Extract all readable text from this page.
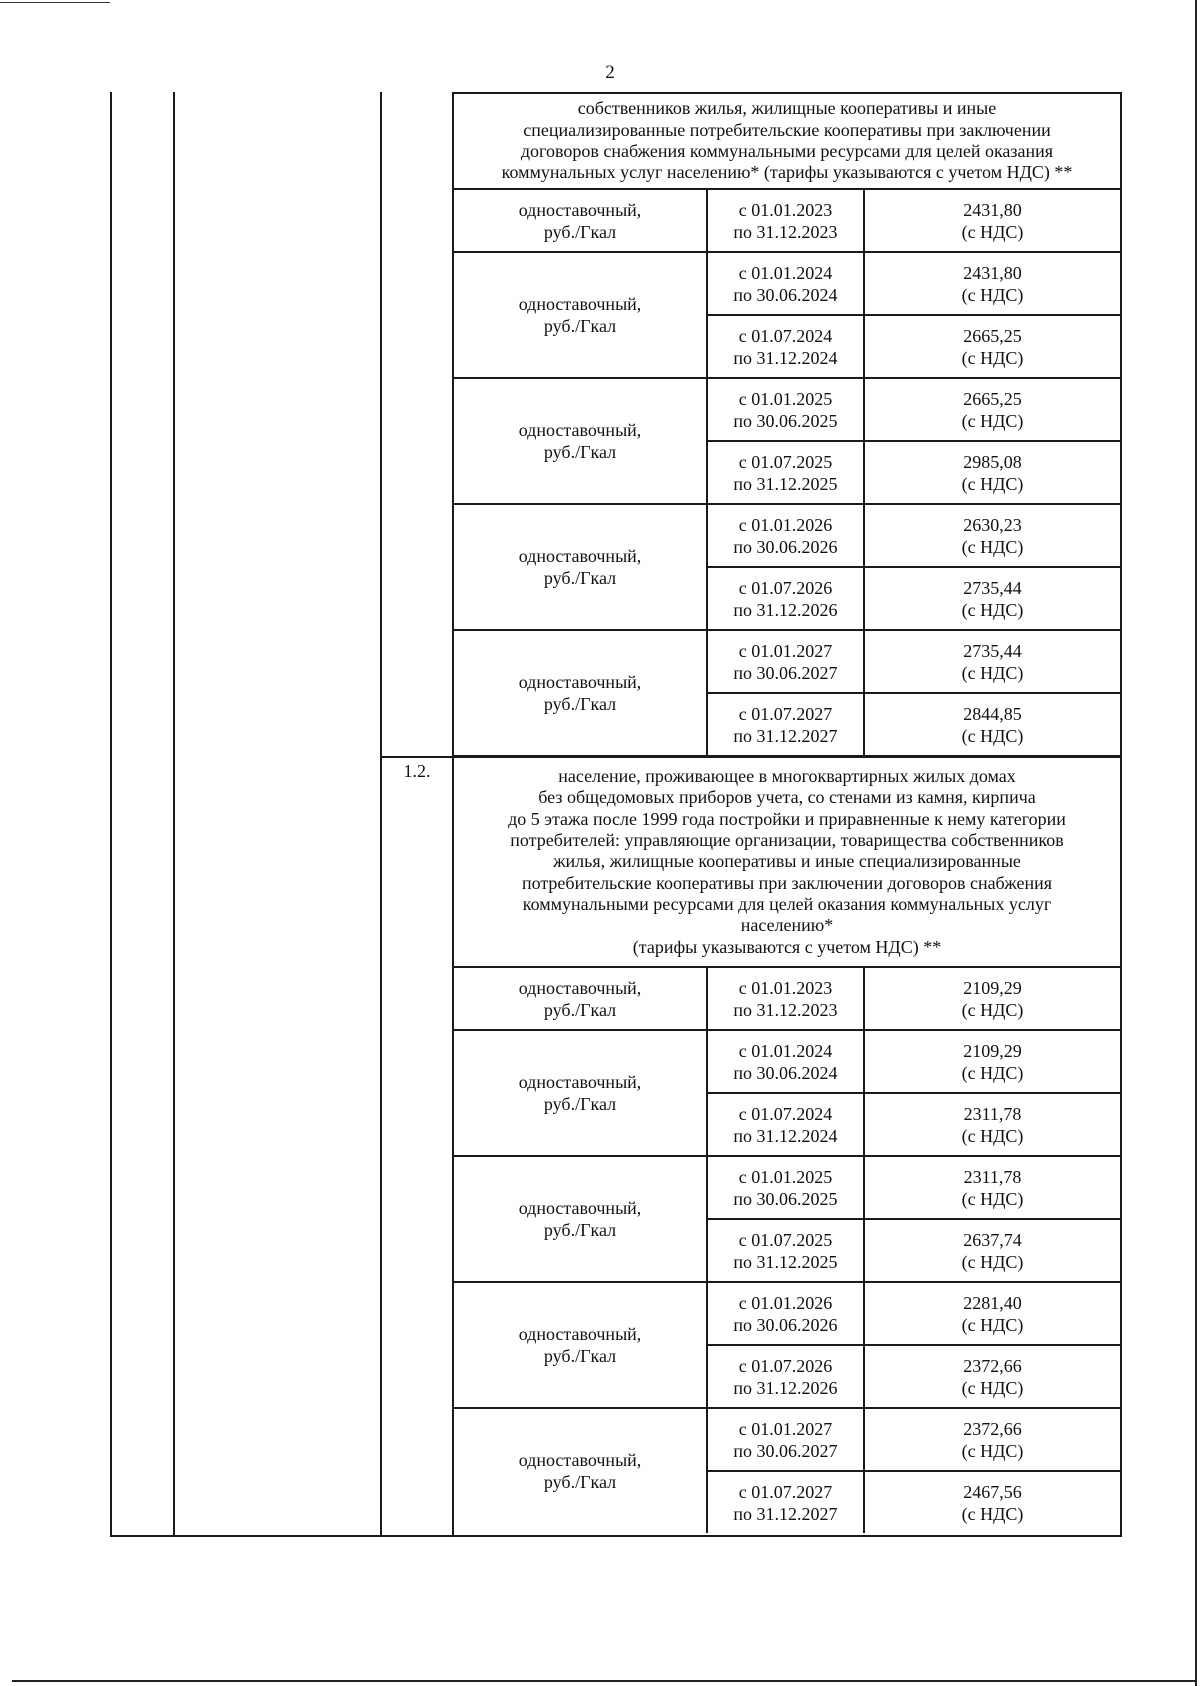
2
собственников жилья, жилищные кооперативы и иные
специализированные потребительские кооперативы при заключении
договоров снабжения коммунальными ресурсами для целей оказания
коммунальных услуг населению* (тарифы указываются с учетом НДС) **
одноставочный,
руб./Гкал
с 01.01.2023
по 31.12.2023
2431,80
(с НДС)
одноставочный,
руб./Гкал
с 01.01.2024
по 30.06.2024
2431,80
(с НДС)
с 01.07.2024
по 31.12.2024
2665,25
(с НДС)
одноставочный,
руб./Гкал
с 01.01.2025
по 30.06.2025
2665,25
(с НДС)
с 01.07.2025
по 31.12.2025
2985,08
(с НДС)
одноставочный,
руб./Гкал
с 01.01.2026
по 30.06.2026
2630,23
(с НДС)
с 01.07.2026
по 31.12.2026
2735,44
(с НДС)
одноставочный,
руб./Гкал
с 01.01.2027
по 30.06.2027
2735,44
(с НДС)
с 01.07.2027
по 31.12.2027
2844,85
(с НДС)
1.2.	население, проживающее в многоквартирных жилых домах
без общедомовых приборов учета, со стенами из камня, кирпича
до 5 этажа после 1999 года постройки и приравненные к нему категории
потребителей: управляющие организации, товарищества собственников
жилья, жилищные кооперативы и иные специализированные
потребительские кооперативы при заключении договоров снабжения
коммунальными ресурсами для целей оказания коммунальных услуг
населению*
(тарифы указываются с учетом НДС) **
одноставочный,
руб./Гкал
с 01.01.2023
по 31.12.2023
2109,29
(с НДС)
одноставочный,
руб./Гкал
с 01.01.2024
по 30.06.2024
2109,29
(с НДС)
с 01.07.2024
по 31.12.2024
2311,78
(с НДС)
одноставочный,
руб./Гкал
с 01.01.2025
по 30.06.2025
2311,78
(с НДС)
с 01.07.2025
по 31.12.2025
2637,74
(с НДС)
одноставочный,
руб./Гкал
с 01.01.2026
по 30.06.2026
2281,40
(с НДС)
с 01.07.2026
по 31.12.2026
2372,66
(с НДС)
одноставочный,
руб./Гкал
с 01.01.2027
по 30.06.2027
2372,66
(с НДС)
с 01.07.2027
по 31.12.2027
2467,56
(с НДС)
